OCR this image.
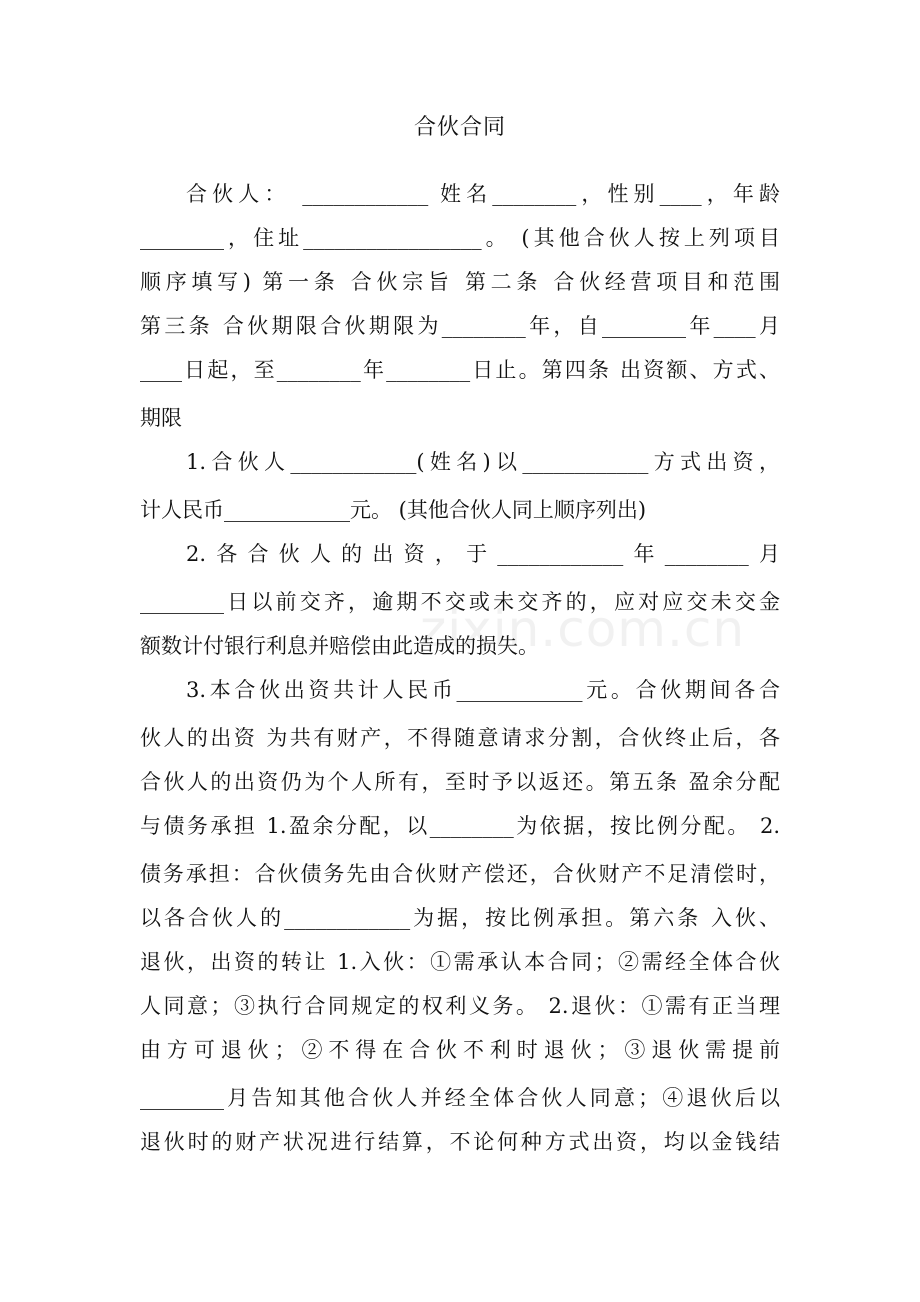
zixin.com.cn
合伙合同
合伙人： ____________ 姓名________，性别____，年龄
________，住址_________________。 (其他合伙人按上列项目
顺序填写) 第一条 合伙宗旨 第二条 合伙经营项目和范围
第三条 合伙期限合伙期限为________年，自________年____月
____日起，至________年________日止。第四条 出资额、方式、
期限
1.合伙人____________(姓名)以____________方式出资，
计人民币____________元。 (其他合伙人同上顺序列出)
2.各合伙人的出资，于____________年________月
________日以前交齐，逾期不交或未交齐的，应对应交未交金
额数计付银行利息并赔偿由此造成的损失。
3.本合伙出资共计人民币____________元。合伙期间各合
伙人的出资 为共有财产，不得随意请求分割，合伙终止后，各
合伙人的出资仍为个人所有，至时予以返还。第五条 盈余分配
与债务承担 1.盈余分配，以________为依据，按比例分配。 2.
债务承担：合伙债务先由合伙财产偿还，合伙财产不足清偿时，
以各合伙人的____________为据，按比例承担。第六条 入伙、
退伙，出资的转让 1.入伙：①需承认本合同；②需经全体合伙
人同意；③执行合同规定的权利义务。 2.退伙：①需有正当理
由方可退伙；②不得在合伙不利时退伙；③退伙需提前
________月告知其他合伙人并经全体合伙人同意；④退伙后以
退伙时的财产状况进行结算，不论何种方式出资，均以金钱结
